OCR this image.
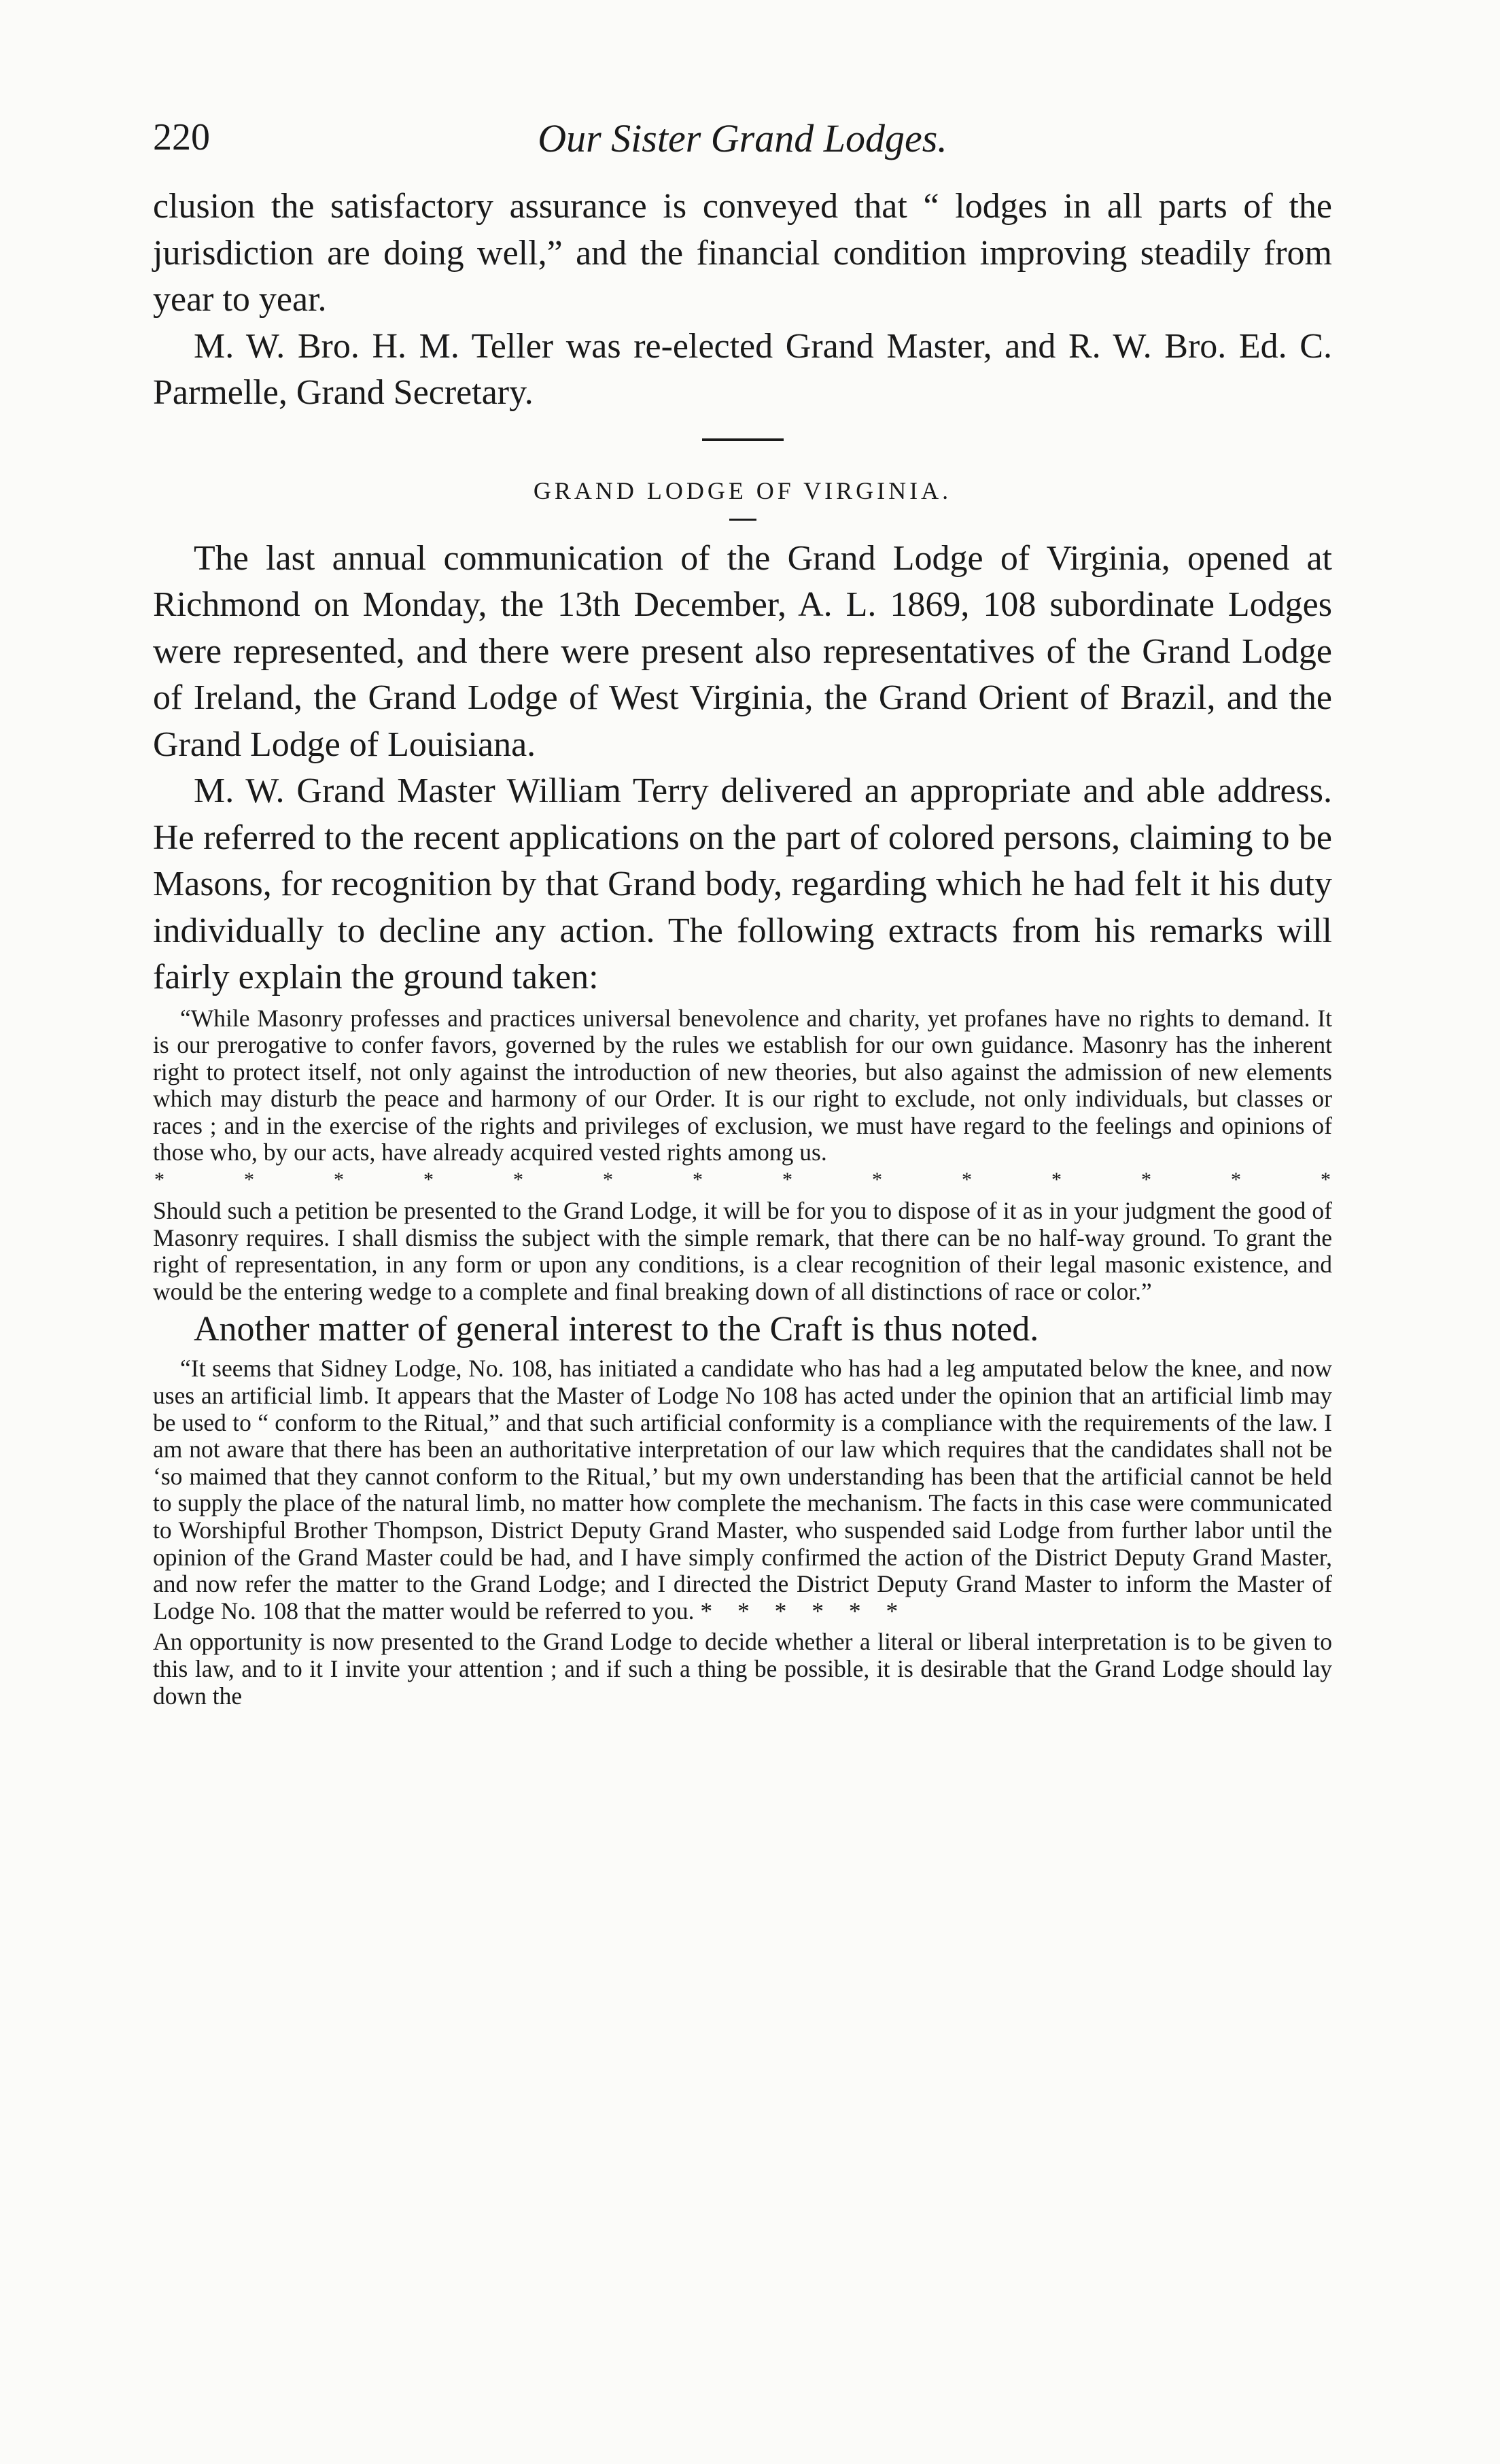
220	Our Sister Grand Lodges.

clusion the satisfactory assurance is conveyed that “ lodges in all parts of the jurisdiction are doing well,” and the financial condition improving steadily from year to year.

M. W. Bro. H. M. Teller was re-elected Grand Master, and R. W. Bro. Ed. C. Parmelle, Grand Secretary.

GRAND LODGE OF VIRGINIA.

The last annual communication of the Grand Lodge of Virginia, opened at Richmond on Monday, the 13th December, A. L. 1869, 108 subordinate Lodges were represented, and there were present also representatives of the Grand Lodge of Ireland, the Grand Lodge of West Virginia, the Grand Orient of Brazil, and the Grand Lodge of Louisiana.

M. W. Grand Master William Terry delivered an appropriate and able address. He referred to the recent applications on the part of colored persons, claiming to be Masons, for recognition by that Grand body, regarding which he had felt it his duty individually to decline any action. The following extracts from his remarks will fairly explain the ground taken:

“While Masonry professes and practices universal benevolence and charity, yet profanes have no rights to demand. It is our prerogative to confer favors, governed by the rules we establish for our own guidance. Masonry has the inherent right to protect itself, not only against the introduction of new theories, but also against the admission of new elements which may disturb the peace and harmony of our Order. It is our right to exclude, not only individuals, but classes or races ; and in the exercise of the rights and privileges of exclusion, we must have regard to the feelings and opinions of those who, by our acts, have already acquired vested rights among us.

*	*	*	*	*	*	*	*	*	*	*	*	*	*

Should such a petition be presented to the Grand Lodge, it will be for you to dispose of it as in your judgment the good of Masonry requires. I shall dismiss the subject with the simple remark, that there can be no half-way ground. To grant the right of representation, in any form or upon any conditions, is a clear recognition of their legal masonic existence, and would be the entering wedge to a complete and final breaking down of all distinctions of race or color.”

Another matter of general interest to the Craft is thus noted.

“It seems that Sidney Lodge, No. 108, has initiated a candidate who has had a leg amputated below the knee, and now uses an artificial limb. It appears that the Master of Lodge No 108 has acted under the opinion that an artificial limb may be used to “ conform to the Ritual,” and that such artificial conformity is a compliance with the requirements of the law. I am not aware that there has been an authoritative interpretation of our law which requires that the candidates shall not be ‘so maimed that they cannot conform to the Ritual,’ but my own understanding has been that the artificial cannot be held to supply the place of the natural limb, no matter how complete the mechanism. The facts in this case were communicated to Worshipful Brother Thompson, District Deputy Grand Master, who suspended said Lodge from further labor until the opinion of the Grand Master could be had, and I have simply confirmed the action of the District Deputy Grand Master, and now refer the matter to the Grand Lodge; and I directed the District Deputy Grand Master to inform the Master of Lodge No. 108 that the matter would be referred to you. * * * * * *

An opportunity is now presented to the Grand Lodge to decide whether a literal or liberal interpretation is to be given to this law, and to it I invite your attention ; and if such a thing be possible, it is desirable that the Grand Lodge should lay down the
